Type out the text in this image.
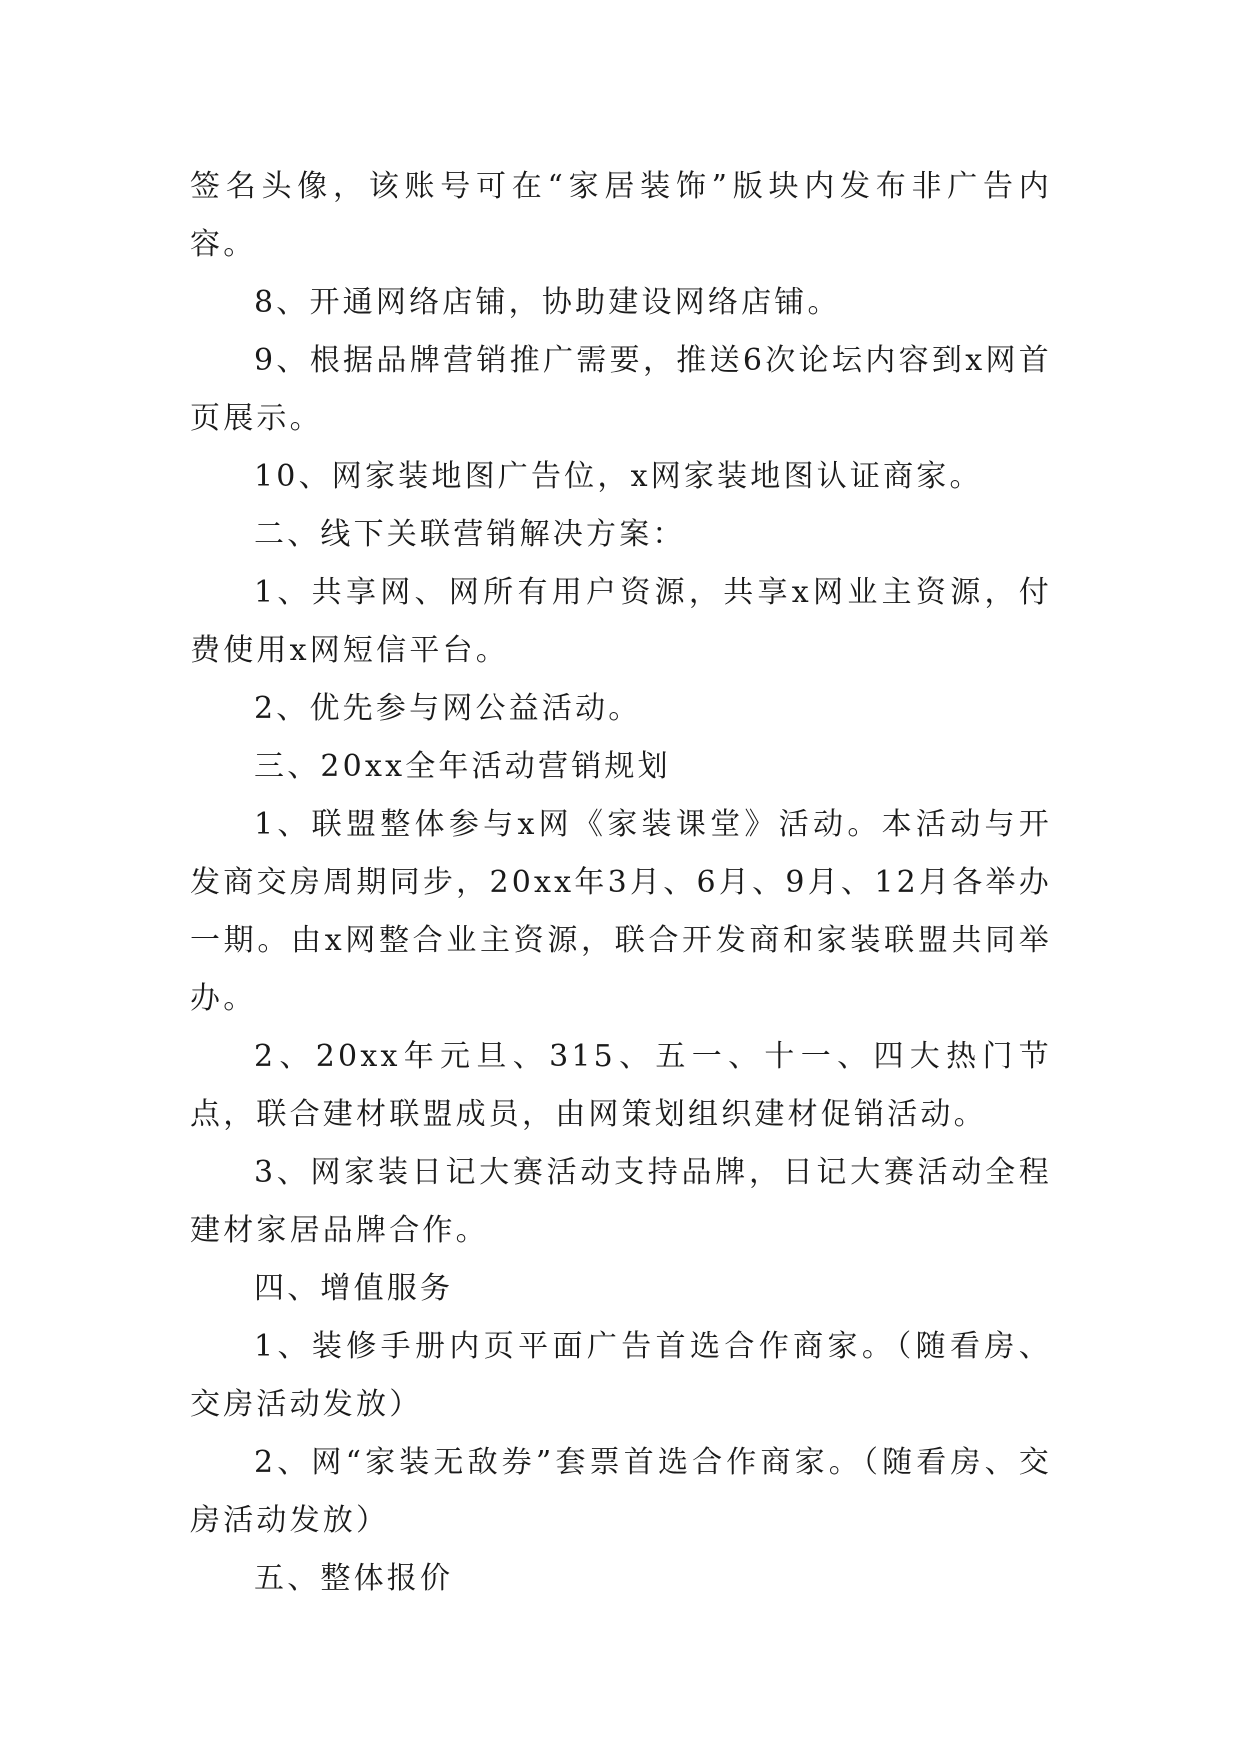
签名头像，该账号可在“家居装饰”版块内发布非广告内容。

8、开通网络店铺，协助建设网络店铺。

9、根据品牌营销推广需要，推送6次论坛内容到x网首页展示。

10、网家装地图广告位，x网家装地图认证商家。

二、线下关联营销解决方案：

1、共享网、网所有用户资源，共享x网业主资源，付费使用x网短信平台。

2、优先参与网公益活动。

三、20xx全年活动营销规划

1、联盟整体参与x网《家装课堂》活动。本活动与开发商交房周期同步，20xx年3月、6月、9月、12月各举办一期。由x网整合业主资源，联合开发商和家装联盟共同举办。

2、20xx年元旦、315、五一、十一、四大热门节点，联合建材联盟成员，由网策划组织建材促销活动。

3、网家装日记大赛活动支持品牌，日记大赛活动全程建材家居品牌合作。

四、增值服务

1、装修手册内页平面广告首选合作商家。（随看房、交房活动发放）

2、网“家装无敌券”套票首选合作商家。（随看房、交房活动发放）

五、整体报价
